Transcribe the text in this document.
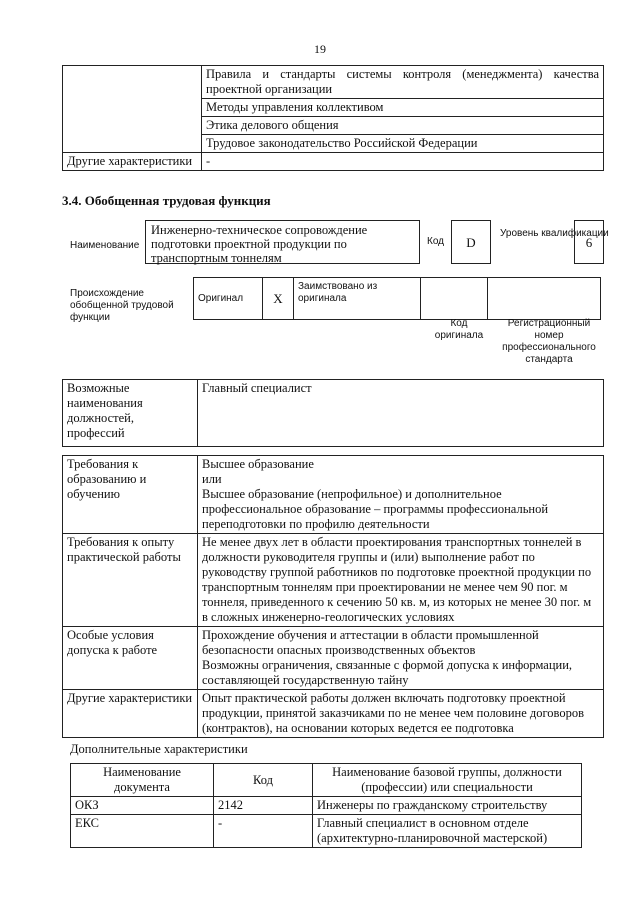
19
	Правила и стандарты системы контроля (менеджмента) качества проектной организации
	Методы управления коллективом
	Этика делового общения
	Трудовое законодательство Российской Федерации
Другие характеристики	-
3.4. Обобщенная трудовая функция
Наименование
Инженерно-техническое сопровождение подготовки проектной продукции по транспортным тоннелям
Код	D
Уровень квалификации
6
Происхождение обобщенной трудовой функции
Оригинал	X	Заимствовано из оригинала		
Код оригинала
Регистрационный номер профессионального стандарта
Возможные наименования должностей, профессий	Главный специалист
Требования к образованию и обучению	Высшее образование
или
Высшее образование (непрофильное) и дополнительное профессиональное образование – программы профессиональной переподготовки по профилю деятельности

Требования к опыту практической работы	Не менее двух лет в области проектирования транспортных тоннелей в должности руководителя группы и (или) выполнение работ по руководству группой работников по подготовке проектной продукции по транспортным тоннелям при проектировании не менее чем 90 пог. м тоннеля, приведенного к сечению 50 кв. м, из которых не менее 30 пог. м в сложных инженерно-геологических условиях

Особые условия допуска к работе	Прохождение обучения и аттестации в области промышленной безопасности опасных производственных объектов
Возможны ограничения, связанные с формой допуска к информации, составляющей государственную тайну

Другие характеристики	Опыт практической работы должен включать подготовку проектной продукции, принятой заказчиками по не менее чем половине договоров (контрактов), на основании которых ведется ее подготовка
Дополнительные характеристики
Наименование документа	Код	Наименование базовой группы, должности (профессии) или специальности
ОКЗ	2142	Инженеры по гражданскому строительству
ЕКС	-	Главный специалист в основном отделе (архитектурно-планировочной мастерской)
